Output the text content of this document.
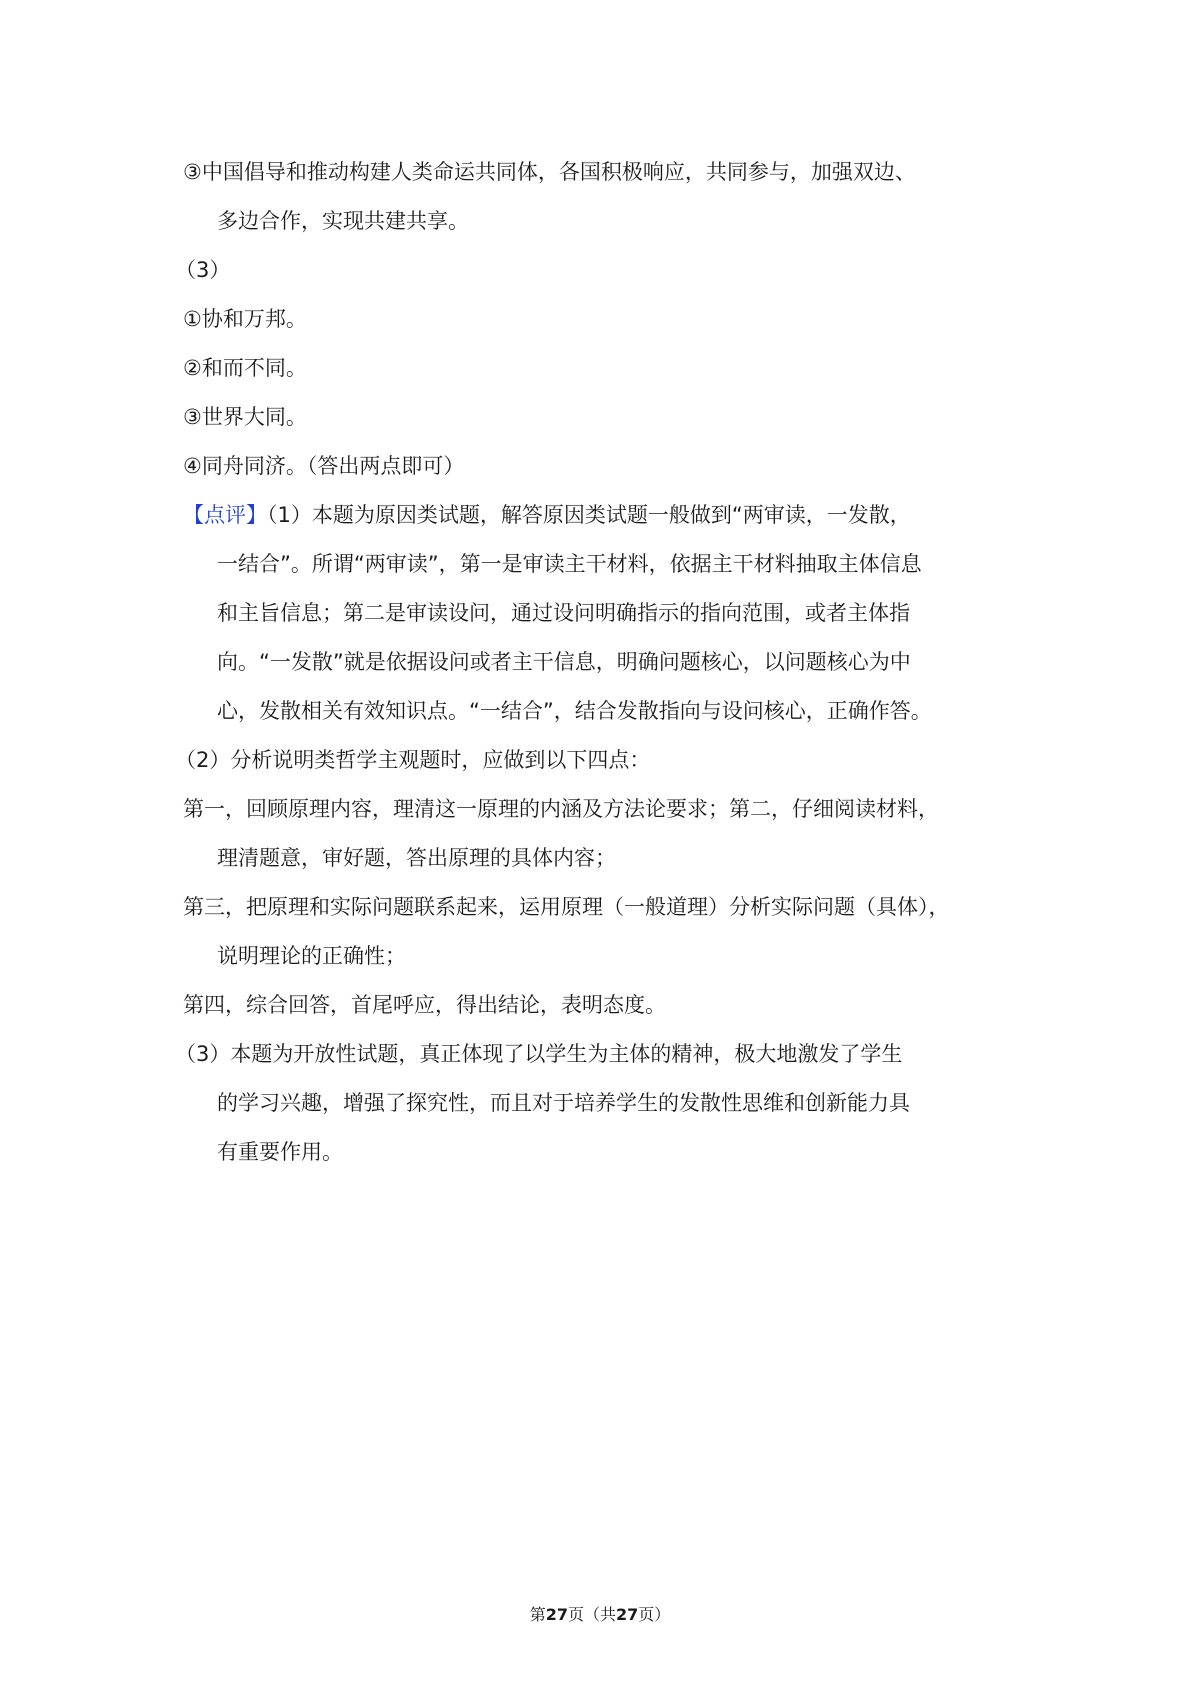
③中国倡导和推动构建人类命运共同体，各国积极响应，共同参与，加强双边、

多边合作，实现共建共享。

（3）

①协和万邦。

②和而不同。

③世界大同。

④同舟同济。（答出两点即可）

【点评】（1）本题为原因类试题，解答原因类试题一般做到“两审读，一发散，

一结合”。所谓“两审读”，第一是审读主干材料，依据主干材料抽取主体信息

和主旨信息；第二是审读设问，通过设问明确指示的指向范围，或者主体指

向。“一发散”就是依据设问或者主干信息，明确问题核心，以问题核心为中

心，发散相关有效知识点。“一结合”，结合发散指向与设问核心，正确作答。

（2）分析说明类哲学主观题时，应做到以下四点：

第一，回顾原理内容，理清这一原理的内涵及方法论要求；第二，仔细阅读材料，

理清题意，审好题，答出原理的具体内容；

第三，把原理和实际问题联系起来，运用原理（一般道理）分析实际问题（具体），

说明理论的正确性；

第四，综合回答，首尾呼应，得出结论，表明态度。

（3）本题为开放性试题，真正体现了以学生为主体的精神，极大地激发了学生

的学习兴趣，增强了探究性，而且对于培养学生的发散性思维和创新能力具

有重要作用。

第27页（共27页）
